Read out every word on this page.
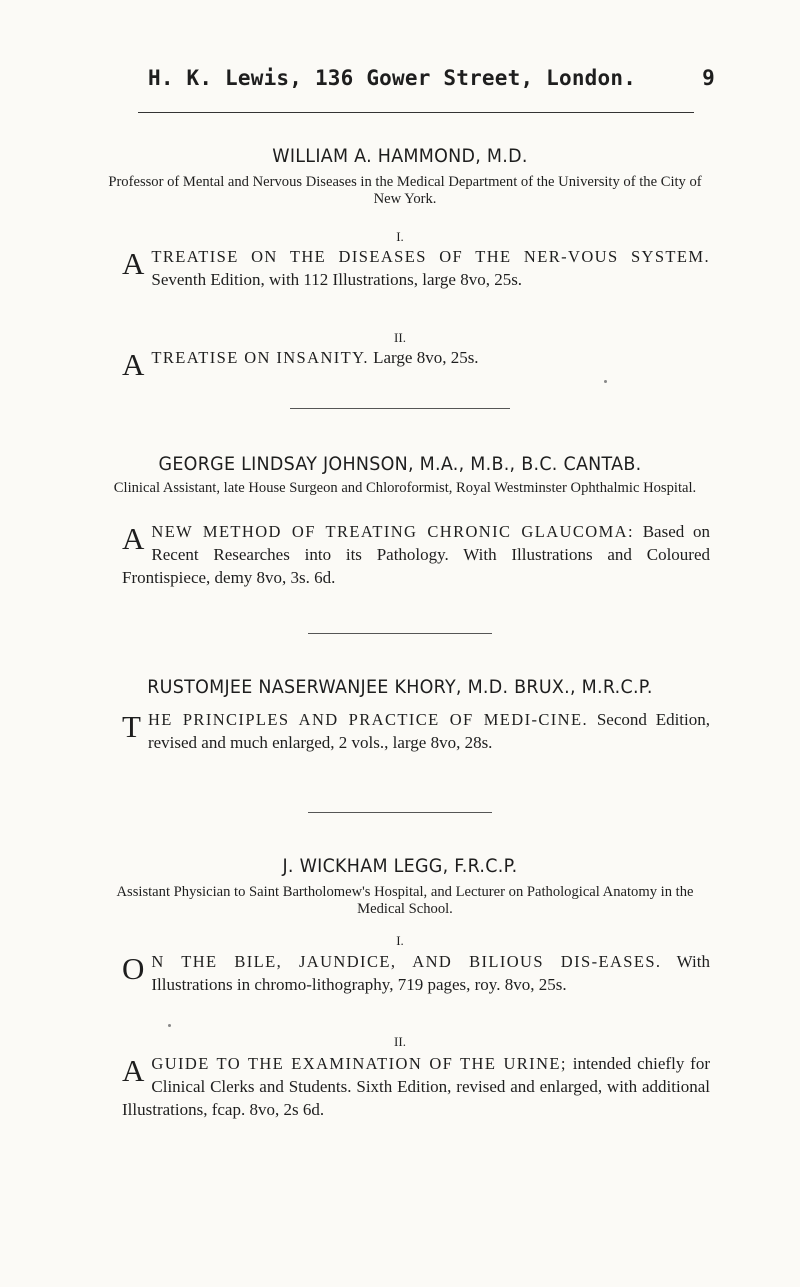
H. K. Lewis, 136 Gower Street, London.	9
WILLIAM A. HAMMOND, M.D.
Professor of Mental and Nervous Diseases in the Medical Department of the University of the City of New York.
I.
A TREATISE ON THE DISEASES OF THE NER-VOUS SYSTEM. Seventh Edition, with 112 Illustrations, large 8vo, 25s.
II.
A TREATISE ON INSANITY. Large 8vo, 25s.
GEORGE LINDSAY JOHNSON, M.A., M.B., B.C. CANTAB.
Clinical Assistant, late House Surgeon and Chloroformist, Royal Westminster Ophthalmic Hospital.
A NEW METHOD OF TREATING CHRONIC GLAUCOMA: Based on Recent Researches into its Pathology. With Illustrations and Coloured Frontispiece, demy 8vo, 3s. 6d.
RUSTOMJEE NASERWANJEE KHORY, M.D. BRUX., M.R.C.P.
THE PRINCIPLES AND PRACTICE OF MEDI-CINE. Second Edition, revised and much enlarged, 2 vols., large 8vo, 28s.
J. WICKHAM LEGG, F.R.C.P.
Assistant Physician to Saint Bartholomew's Hospital, and Lecturer on Pathological Anatomy in the Medical School.
I.
O N THE BILE, JAUNDICE, AND BILIOUS DIS-EASES. With Illustrations in chromo-lithography, 719 pages, roy. 8vo, 25s.
II.
A GUIDE TO THE EXAMINATION OF THE URINE; intended chiefly for Clinical Clerks and Students. Sixth Edition, revised and enlarged, with additional Illustrations, fcap. 8vo, 2s 6d.
